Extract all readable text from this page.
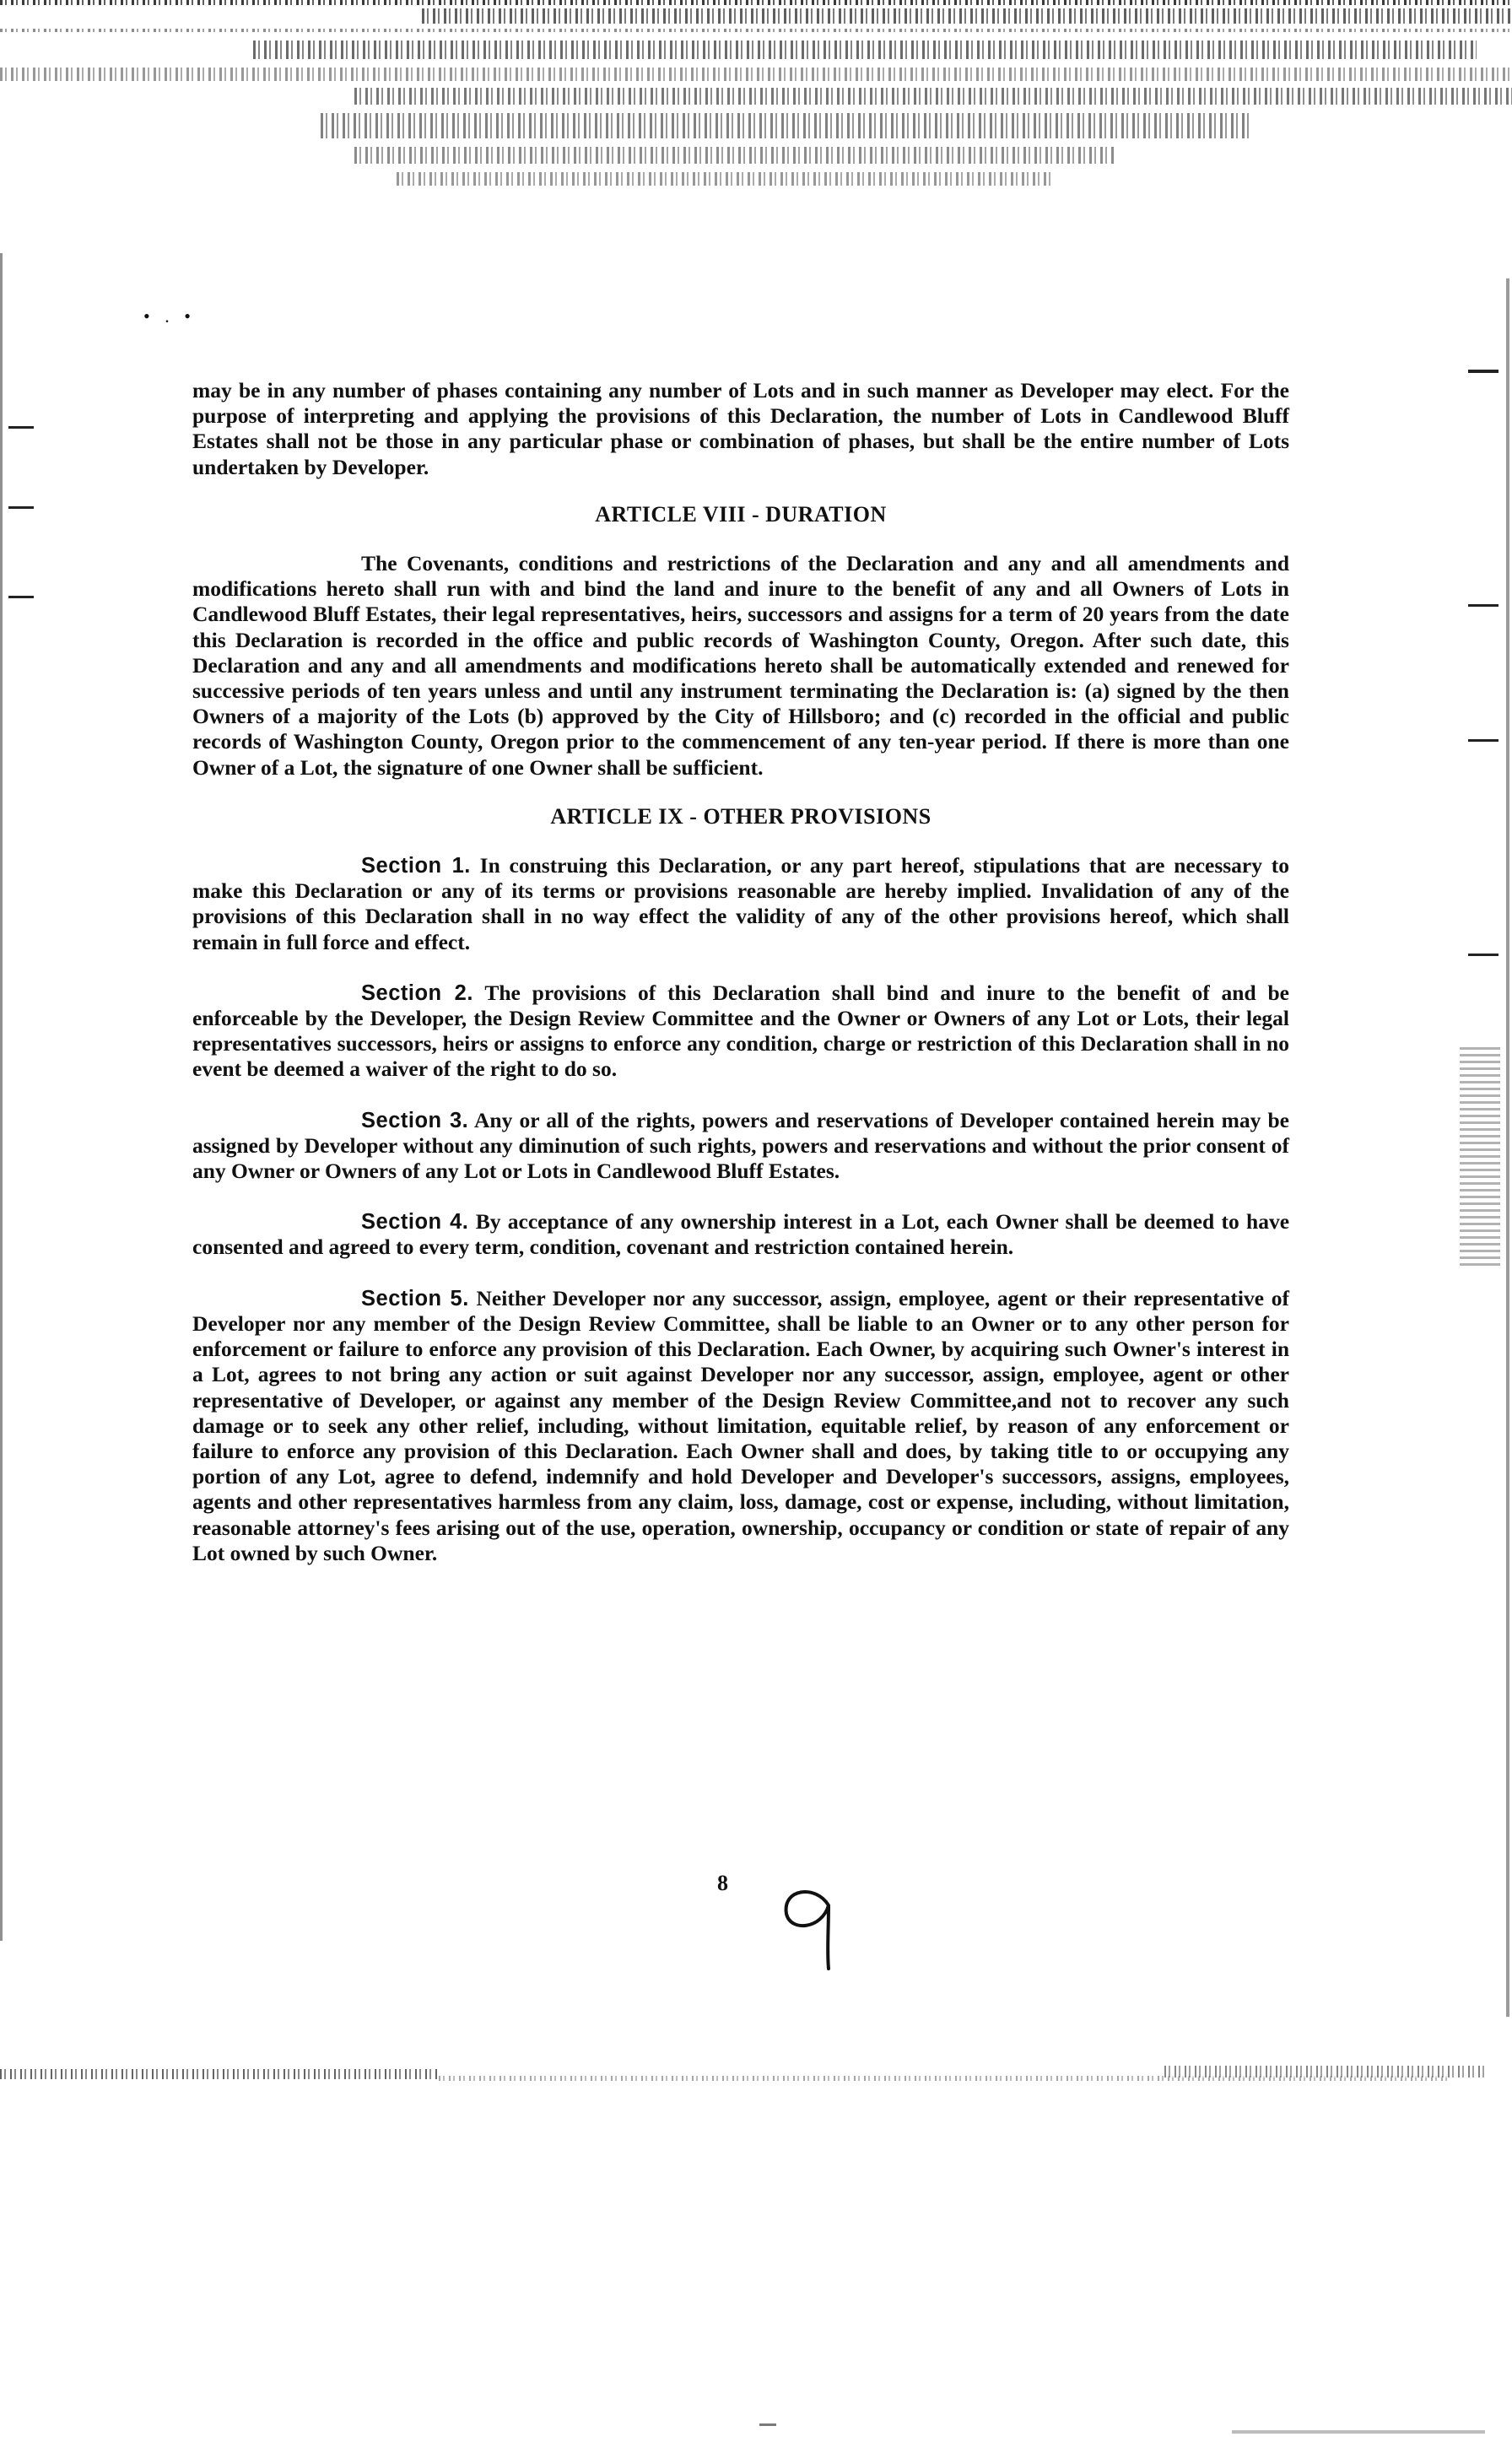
• . •

may be in any number of phases containing any number of Lots and in such manner as Developer may elect. For the purpose of interpreting and applying the provisions of this Declaration, the number of Lots in Candlewood Bluff Estates shall not be those in any particular phase or combination of phases, but shall be the entire number of Lots undertaken by Developer.

ARTICLE VIII - DURATION

The Covenants, conditions and restrictions of the Declaration and any and all amendments and modifications hereto shall run with and bind the land and inure to the benefit of any and all Owners of Lots in Candlewood Bluff Estates, their legal representatives, heirs, successors and assigns for a term of 20 years from the date this Declaration is recorded in the office and public records of Washington County, Oregon. After such date, this Declaration and any and all amendments and modifications hereto shall be automatically extended and renewed for successive periods of ten years unless and until any instrument terminating the Declaration is: (a) signed by the then Owners of a majority of the Lots (b) approved by the City of Hillsboro; and (c) recorded in the official and public records of Washington County, Oregon prior to the commencement of any ten-year period. If there is more than one Owner of a Lot, the signature of one Owner shall be sufficient.

ARTICLE IX - OTHER PROVISIONS

Section 1. In construing this Declaration, or any part hereof, stipulations that are necessary to make this Declaration or any of its terms or provisions reasonable are hereby implied. Invalidation of any of the provisions of this Declaration shall in no way effect the validity of any of the other provisions hereof, which shall remain in full force and effect.

Section 2. The provisions of this Declaration shall bind and inure to the benefit of and be enforceable by the Developer, the Design Review Committee and the Owner or Owners of any Lot or Lots, their legal representatives successors, heirs or assigns to enforce any condition, charge or restriction of this Declaration shall in no event be deemed a waiver of the right to do so.

Section 3. Any or all of the rights, powers and reservations of Developer contained herein may be assigned by Developer without any diminution of such rights, powers and reservations and without the prior consent of any Owner or Owners of any Lot or Lots in Candlewood Bluff Estates.

Section 4. By acceptance of any ownership interest in a Lot, each Owner shall be deemed to have consented and agreed to every term, condition, covenant and restriction contained herein.

Section 5. Neither Developer nor any successor, assign, employee, agent or their representative of Developer nor any member of the Design Review Committee, shall be liable to an Owner or to any other person for enforcement or failure to enforce any provision of this Declaration. Each Owner, by acquiring such Owner's interest in a Lot, agrees to not bring any action or suit against Developer nor any successor, assign, employee, agent or other representative of Developer, or against any member of the Design Review Committee,and not to recover any such damage or to seek any other relief, including, without limitation, equitable relief, by reason of any enforcement or failure to enforce any provision of this Declaration. Each Owner shall and does, by taking title to or occupying any portion of any Lot, agree to defend, indemnify and hold Developer and Developer's successors, assigns, employees, agents and other representatives harmless from any claim, loss, damage, cost or expense, including, without limitation, reasonable attorney's fees arising out of the use, operation, ownership, occupancy or condition or state of repair of any Lot owned by such Owner.

8
